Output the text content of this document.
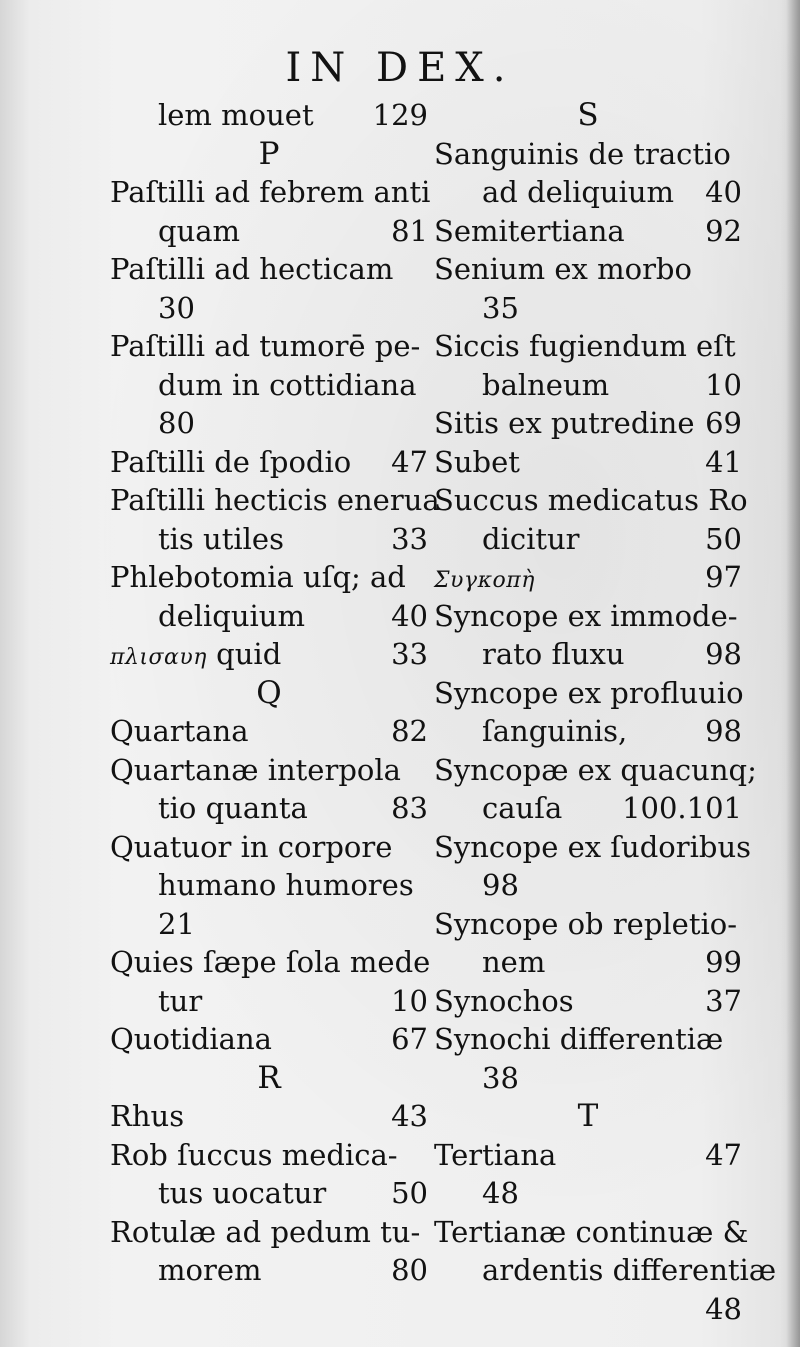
IN DEX.
lem mouet 129
P
Paſtilli ad febrem anti
quam	81
Paſtilli ad hecticam
30
Paſtilli ad tumorē pe-
dum in cottidiana
80
Paſtilli de ſpodio 47
Paſtilli hecticis enerua
tis utiles	33
Phlebotomia uſq; ad
deliquium	40
πλισαυη quid	33
Q
Quartana	82
Quartanæ interpola
tio quanta	83
Quatuor in corpore
humano humores
21
Quies ſæpe ſola mede
tur	10
Quotidiana	67
R
Rhus	43
Rob ſuccus medica-
tus uocatur 50
Rotulæ ad pedum tu-
morem	80
S
Sanguinis de tractio
ad deliquium 40
Semitertiana	92
Senium ex morbo
35
Siccis fugiendum eſt
balneum	10
Sitis ex putredine 69
Subet	41
Succus medicatus Ro
dicitur	50
Συγκοπὴ	97
Syncope ex immode-
rato fluxu	98
Syncope ex profluuio
ſanguinis,	98
Syncopæ ex quacunq;
cauſa 100.101
Syncope ex ſudoribus
98
Syncope ob repletio-
nem	99
Synochos	37
Synochi differentiæ
38
T
Tertiana	47
48
Tertianæ continuæ &
ardentis differentiæ
48
